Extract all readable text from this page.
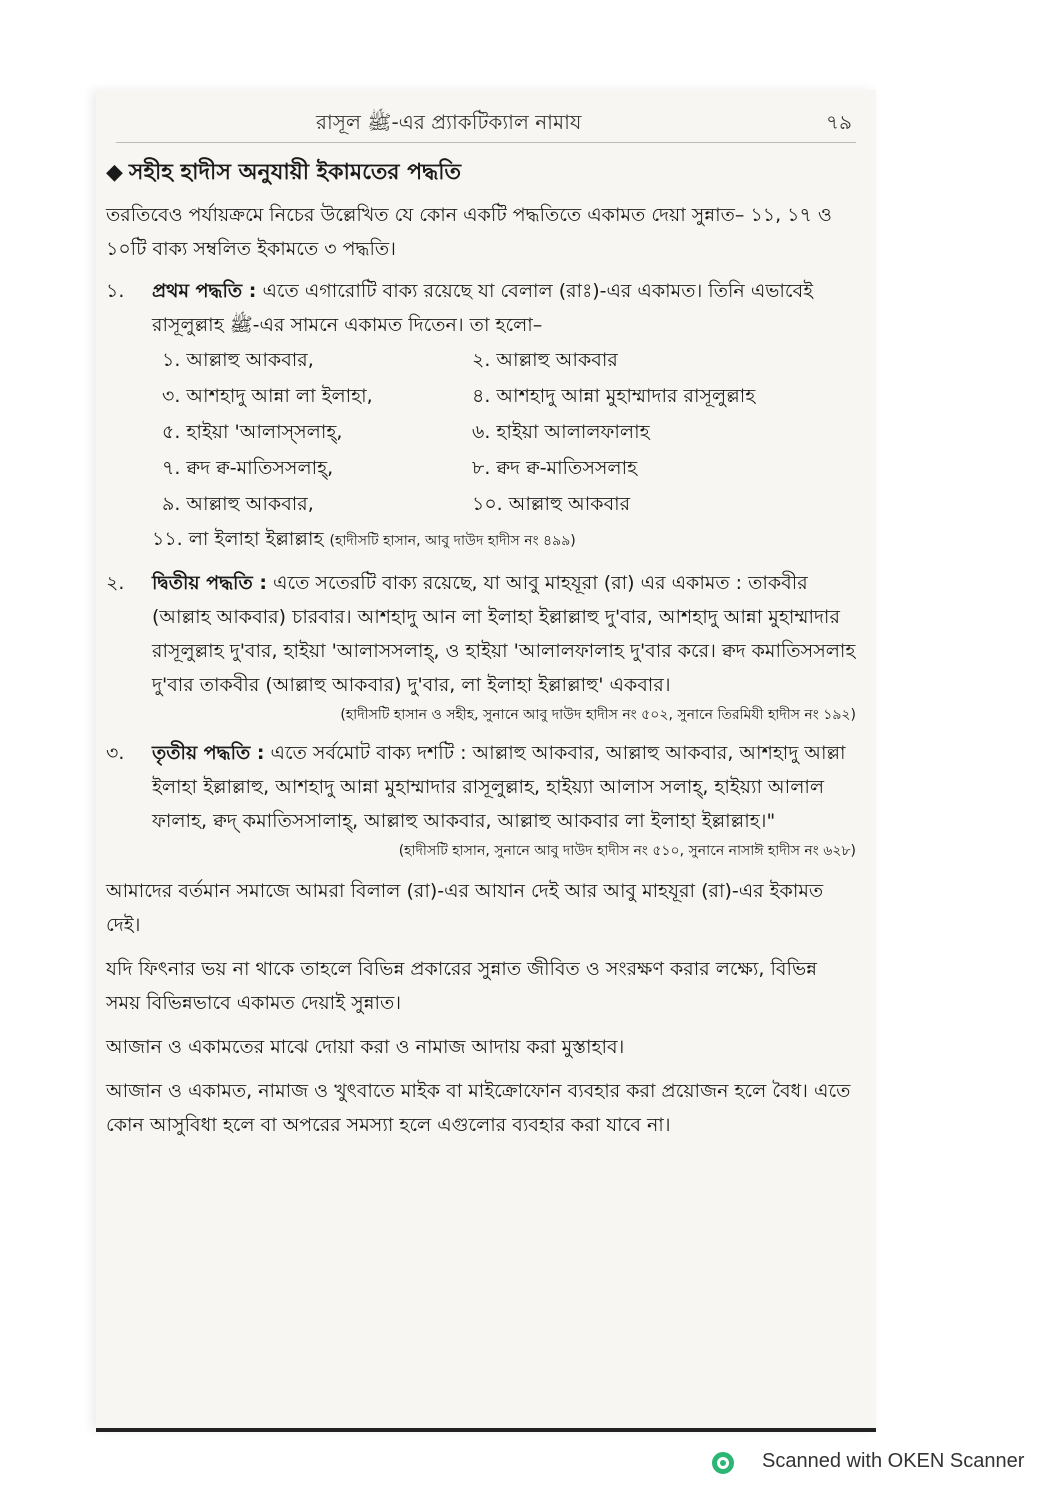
রাসূল ﷺ-এর প্র্যাকটিক্যাল নামায	৭৯
◆ সহীহ হাদীস অনুযায়ী ইকামতের পদ্ধতি

তরতিবেও পর্যায়ক্রমে নিচের উল্লেখিত যে কোন একটি পদ্ধতিতে একামত দেয়া সুন্নাত– ১১, ১৭ ও ১০টি বাক্য সম্বলিত ইকামতে ৩ পদ্ধতি।

১. প্রথম পদ্ধতি : এতে এগারোটি বাক্য রয়েছে যা বেলাল (রাঃ)-এর একামত। তিনি এভাবেই রাসূলুল্লাহ ﷺ-এর সামনে একামত দিতেন। তা হলো–

১. আল্লাহু আকবার,	২. আল্লাহু আকবার
৩. আশহাদু আন্না লা ইলাহা,	৪. আশহাদু আন্না মুহাম্মাদার রাসূলুল্লাহ
৫. হাইয়া 'আলাস্সলাহ্,	৬. হাইয়া আলালফালাহ
৭. ক্বদ ক্ব-মাতিসসলাহ্,	৮. ক্বদ ক্ব-মাতিসসলাহ
৯. আল্লাহু আকবার,	১০. আল্লাহু আকবার

১১. লা ইলাহা ইল্লাল্লাহ (হাদীসটি হাসান, আবু দাউদ হাদীস নং ৪৯৯)

২. দ্বিতীয় পদ্ধতি : এতে সতেরটি বাক্য রয়েছে, যা আবু মাহযূরা (রা) এর একামত : তাকবীর (আল্লাহ আকবার) চারবার। আশহাদু আন লা ইলাহা ইল্লাল্লাহু দু'বার, আশহাদু আন্না মুহাম্মাদার রাসূলুল্লাহ দু'বার, হাইয়া 'আলাসসলাহ্, ও হাইয়া 'আলালফালাহ দু'বার করে। ক্বদ কমাতিসসলাহ দু'বার তাকবীর (আল্লাহু আকবার) দু'বার, লা ইলাহা ইল্লাল্লাহু' একবার।

(হাদীসটি হাসান ও সহীহ, সুনানে আবু দাউদ হাদীস নং ৫০২, সুনানে তিরমিযী হাদীস নং ১৯২)
৩. তৃতীয় পদ্ধতি : এতে সর্বমোট বাক্য দশটি : আল্লাহু আকবার, আল্লাহু আকবার, আশহাদু আল্লা ইলাহা ইল্লাল্লাহু, আশহাদু আন্না মুহাম্মাদার রাসূলুল্লাহ, হাইয়্যা আলাস সলাহ্, হাইয়্যা আলাল ফালাহ, ক্বদ্ কমাতিসসালাহ্, আল্লাহু আকবার, আল্লাহু আকবার লা ইলাহা ইল্লাল্লাহ।"

(হাদীসটি হাসান, সুনানে আবু দাউদ হাদীস নং ৫১০, সুনানে নাসাঈ হাদীস নং ৬২৮)

আমাদের বর্তমান সমাজে আমরা বিলাল (রা)-এর আযান দেই আর আবু মাহযূরা (রা)-এর ইকামত দেই।

যদি ফিৎনার ভয় না থাকে তাহলে বিভিন্ন প্রকারের সুন্নাত জীবিত ও সংরক্ষণ করার লক্ষ্যে, বিভিন্ন সময় বিভিন্নভাবে একামত দেয়াই সুন্নাত।

আজান ও একামতের মাঝে দোয়া করা ও নামাজ আদায় করা মুস্তাহাব।

আজান ও একামত, নামাজ ও খুৎবাতে মাইক বা মাইক্রোফোন ব্যবহার করা প্রয়োজন হলে বৈধ। এতে কোন আসুবিধা হলে বা অপরের সমস্যা হলে এগুলোর ব্যবহার করা যাবে না।

Scanned with OKEN Scanner
